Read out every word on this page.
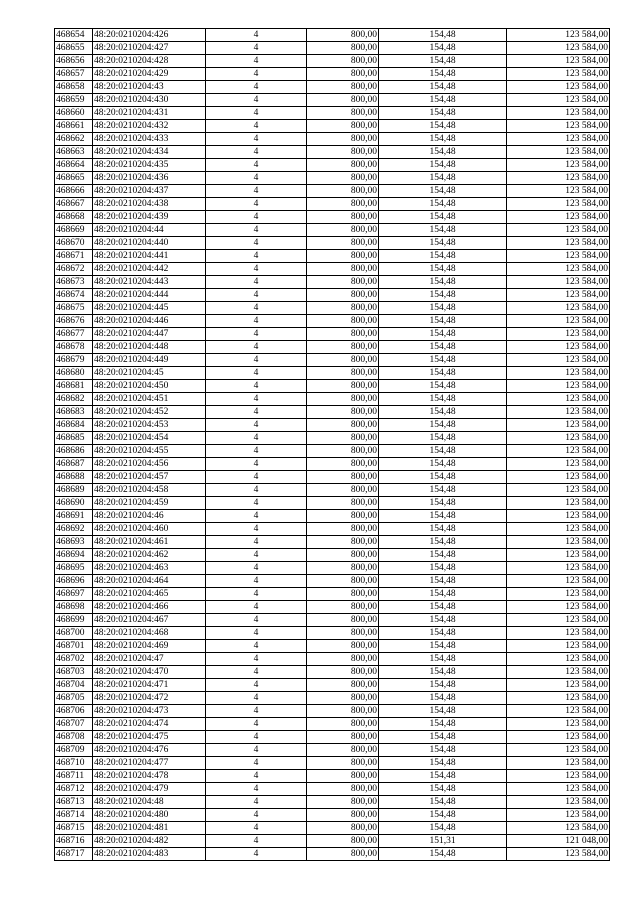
468654	48:20:0210204:426	4	800,00	154,48	123 584,00
468655	48:20:0210204:427	4	800,00	154,48	123 584,00
468656	48:20:0210204:428	4	800,00	154,48	123 584,00
468657	48:20:0210204:429	4	800,00	154,48	123 584,00
468658	48:20:0210204:43	4	800,00	154,48	123 584,00
468659	48:20:0210204:430	4	800,00	154,48	123 584,00
468660	48:20:0210204:431	4	800,00	154,48	123 584,00
468661	48:20:0210204:432	4	800,00	154,48	123 584,00
468662	48:20:0210204:433	4	800,00	154,48	123 584,00
468663	48:20:0210204:434	4	800,00	154,48	123 584,00
468664	48:20:0210204:435	4	800,00	154,48	123 584,00
468665	48:20:0210204:436	4	800,00	154,48	123 584,00
468666	48:20:0210204:437	4	800,00	154,48	123 584,00
468667	48:20:0210204:438	4	800,00	154,48	123 584,00
468668	48:20:0210204:439	4	800,00	154,48	123 584,00
468669	48:20:0210204:44	4	800,00	154,48	123 584,00
468670	48:20:0210204:440	4	800,00	154,48	123 584,00
468671	48:20:0210204:441	4	800,00	154,48	123 584,00
468672	48:20:0210204:442	4	800,00	154,48	123 584,00
468673	48:20:0210204:443	4	800,00	154,48	123 584,00
468674	48:20:0210204:444	4	800,00	154,48	123 584,00
468675	48:20:0210204:445	4	800,00	154,48	123 584,00
468676	48:20:0210204:446	4	800,00	154,48	123 584,00
468677	48:20:0210204:447	4	800,00	154,48	123 584,00
468678	48:20:0210204:448	4	800,00	154,48	123 584,00
468679	48:20:0210204:449	4	800,00	154,48	123 584,00
468680	48:20:0210204:45	4	800,00	154,48	123 584,00
468681	48:20:0210204:450	4	800,00	154,48	123 584,00
468682	48:20:0210204:451	4	800,00	154,48	123 584,00
468683	48:20:0210204:452	4	800,00	154,48	123 584,00
468684	48:20:0210204:453	4	800,00	154,48	123 584,00
468685	48:20:0210204:454	4	800,00	154,48	123 584,00
468686	48:20:0210204:455	4	800,00	154,48	123 584,00
468687	48:20:0210204:456	4	800,00	154,48	123 584,00
468688	48:20:0210204:457	4	800,00	154,48	123 584,00
468689	48:20:0210204:458	4	800,00	154,48	123 584,00
468690	48:20:0210204:459	4	800,00	154,48	123 584,00
468691	48:20:0210204:46	4	800,00	154,48	123 584,00
468692	48:20:0210204:460	4	800,00	154,48	123 584,00
468693	48:20:0210204:461	4	800,00	154,48	123 584,00
468694	48:20:0210204:462	4	800,00	154,48	123 584,00
468695	48:20:0210204:463	4	800,00	154,48	123 584,00
468696	48:20:0210204:464	4	800,00	154,48	123 584,00
468697	48:20:0210204:465	4	800,00	154,48	123 584,00
468698	48:20:0210204:466	4	800,00	154,48	123 584,00
468699	48:20:0210204:467	4	800,00	154,48	123 584,00
468700	48:20:0210204:468	4	800,00	154,48	123 584,00
468701	48:20:0210204:469	4	800,00	154,48	123 584,00
468702	48:20:0210204:47	4	800,00	154,48	123 584,00
468703	48:20:0210204:470	4	800,00	154,48	123 584,00
468704	48:20:0210204:471	4	800,00	154,48	123 584,00
468705	48:20:0210204:472	4	800,00	154,48	123 584,00
468706	48:20:0210204:473	4	800,00	154,48	123 584,00
468707	48:20:0210204:474	4	800,00	154,48	123 584,00
468708	48:20:0210204:475	4	800,00	154,48	123 584,00
468709	48:20:0210204:476	4	800,00	154,48	123 584,00
468710	48:20:0210204:477	4	800,00	154,48	123 584,00
468711	48:20:0210204:478	4	800,00	154,48	123 584,00
468712	48:20:0210204:479	4	800,00	154,48	123 584,00
468713	48:20:0210204:48	4	800,00	154,48	123 584,00
468714	48:20:0210204:480	4	800,00	154,48	123 584,00
468715	48:20:0210204:481	4	800,00	154,48	123 584,00
468716	48:20:0210204:482	4	800,00	151,31	121 048,00
468717	48:20:0210204:483	4	800,00	154,48	123 584,00
